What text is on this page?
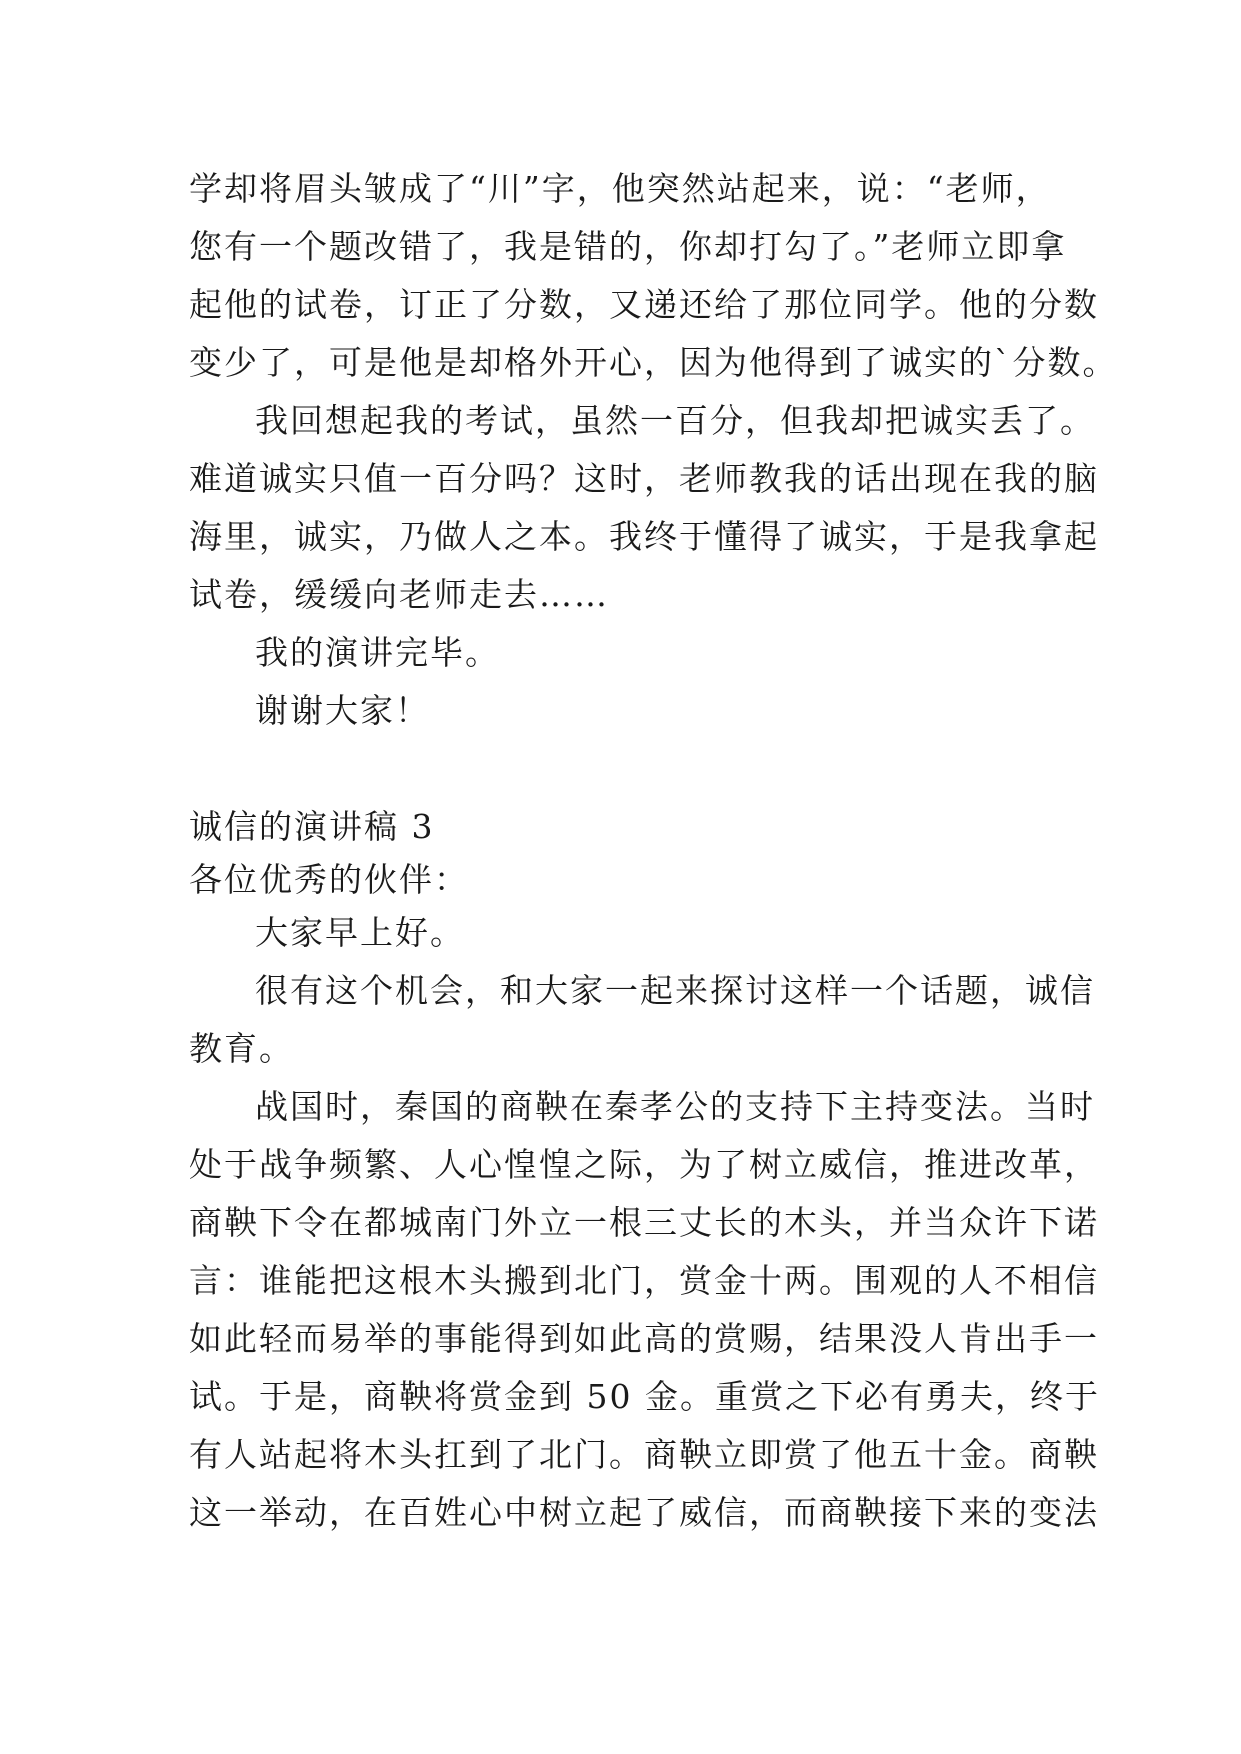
学却将眉头皱成了“川”字，他突然站起来，说：“老师，
您有一个题改错了，我是错的，你却打勾了。”老师立即拿
起他的试卷，订正了分数，又递还给了那位同学。他的分数
变少了，可是他是却格外开心，因为他得到了诚实的`分数。
我回想起我的考试，虽然一百分，但我却把诚实丢了。
难道诚实只值一百分吗？这时，老师教我的话出现在我的脑
海里，诚实，乃做人之本。我终于懂得了诚实，于是我拿起
试卷，缓缓向老师走去……
我的演讲完毕。
谢谢大家！
诚信的演讲稿 3
各位优秀的伙伴：
大家早上好。
很有这个机会，和大家一起来探讨这样一个话题，诚信
教育。
战国时，秦国的商鞅在秦孝公的支持下主持变法。当时
处于战争频繁、人心惶惶之际，为了树立威信，推进改革，
商鞅下令在都城南门外立一根三丈长的木头，并当众许下诺
言：谁能把这根木头搬到北门，赏金十两。围观的人不相信
如此轻而易举的事能得到如此高的赏赐，结果没人肯出手一
试。于是，商鞅将赏金到 50 金。重赏之下必有勇夫，终于
有人站起将木头扛到了北门。商鞅立即赏了他五十金。商鞅
这一举动，在百姓心中树立起了威信，而商鞅接下来的变法
